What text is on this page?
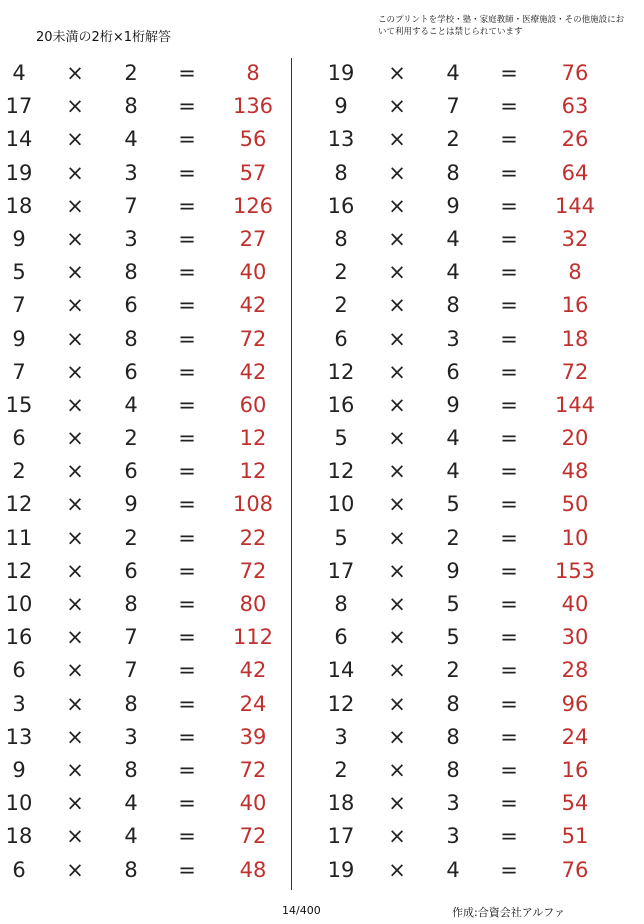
20未満の2桁×1桁解答
このプリントを学校・塾・家庭教師・医療施設・その他施設において利用することは禁じられています
4	×	2	=	8
17	×	8	=	136
14	×	4	=	56
19	×	3	=	57
18	×	7	=	126
9	×	3	=	27
5	×	8	=	40
7	×	6	=	42
9	×	8	=	72
7	×	6	=	42
15	×	4	=	60
6	×	2	=	12
2	×	6	=	12
12	×	9	=	108
11	×	2	=	22
12	×	6	=	72
10	×	8	=	80
16	×	7	=	112
6	×	7	=	42
3	×	8	=	24
13	×	3	=	39
9	×	8	=	72
10	×	4	=	40
18	×	4	=	72
6	×	8	=	48
19	×	4	=	76
9	×	7	=	63
13	×	2	=	26
8	×	8	=	64
16	×	9	=	144
8	×	4	=	32
2	×	4	=	8
2	×	8	=	16
6	×	3	=	18
12	×	6	=	72
16	×	9	=	144
5	×	4	=	20
12	×	4	=	48
10	×	5	=	50
5	×	2	=	10
17	×	9	=	153
8	×	5	=	40
6	×	5	=	30
14	×	2	=	28
12	×	8	=	96
3	×	8	=	24
2	×	8	=	16
18	×	3	=	54
17	×	3	=	51
19	×	4	=	76
14/400	作成:合資会社アルファ
